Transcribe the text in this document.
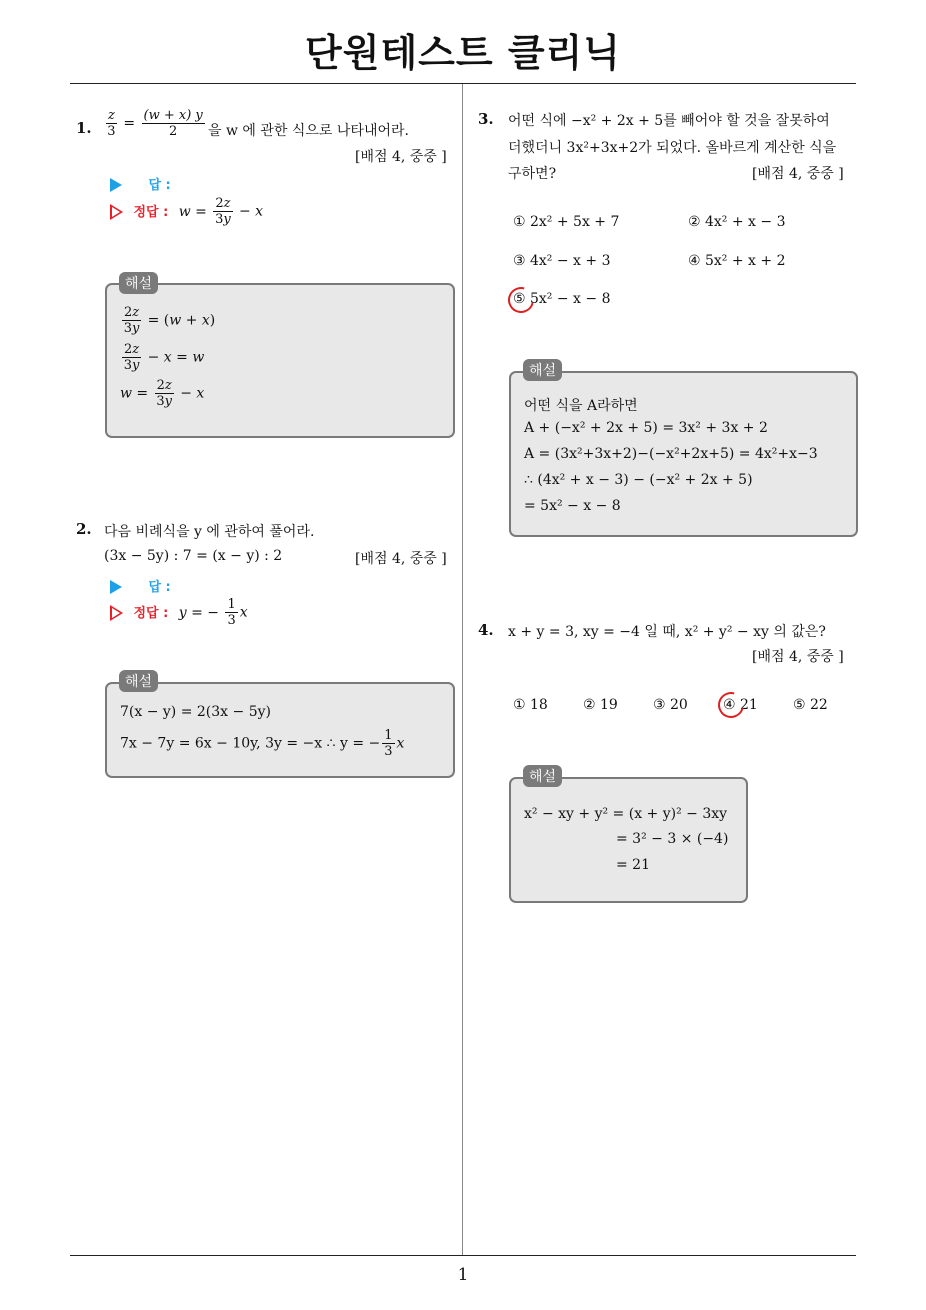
단원테스트 클리닉
1
1. $\frac{z}{3} = \frac{(w + x) y}{2}$ 을 w 에 관한 식으로 나타내어라.
[배점 4, 중중 ]
답 :
정답 : $w = \frac{2z}{3y} - x$
$\frac{2z}{3y} = (w + x)$
$\frac{2z}{3y} - x = w$
$w = \frac{2z}{3y} - x$
해설
2. 다음 비례식을 y 에 관하여 풀어라.
(3x − 5y) : 7 = (x − y) : 2	[배점 4, 중중 ]
답 :
정답 : y = − $\frac{1}{3}$ x
7(x − y) = 2(3x − 5y)
7x − 7y = 6x − 10y, 3y = −x ∴ y = − $\frac{1}{3}$ x
해설
3. 어떤 식에 −x² + 2x + 5를 빼어야 할 것을 잘못하여
더했더니 3x²+3x+2가 되었다. 올바르게 계산한 식을
구하면?	[배점 4, 중중 ]
① 2x² + 5x + 7	② 4x² + x − 3
③ 4x² − x + 3	④ 5x² + x + 2
⑤ 5x² − x − 8
어떤 식을 A라하면
A + (−x² + 2x + 5) = 3x² + 3x + 2
A = (3x²+3x+2)−(−x²+2x+5) = 4x²+x−3
∴ (4x² + x − 3) − (−x² + 2x + 5)
= 5x² − x − 8
해설
4. x + y = 3, xy = −4 일 때, x² + y² − xy 의 값은?
[배점 4, 중중 ]
① 18	② 19	③ 20	④ 21	⑤ 22
x² − xy + y² = (x + y)² − 3xy
= 3² − 3 × (−4)
= 21
해설
